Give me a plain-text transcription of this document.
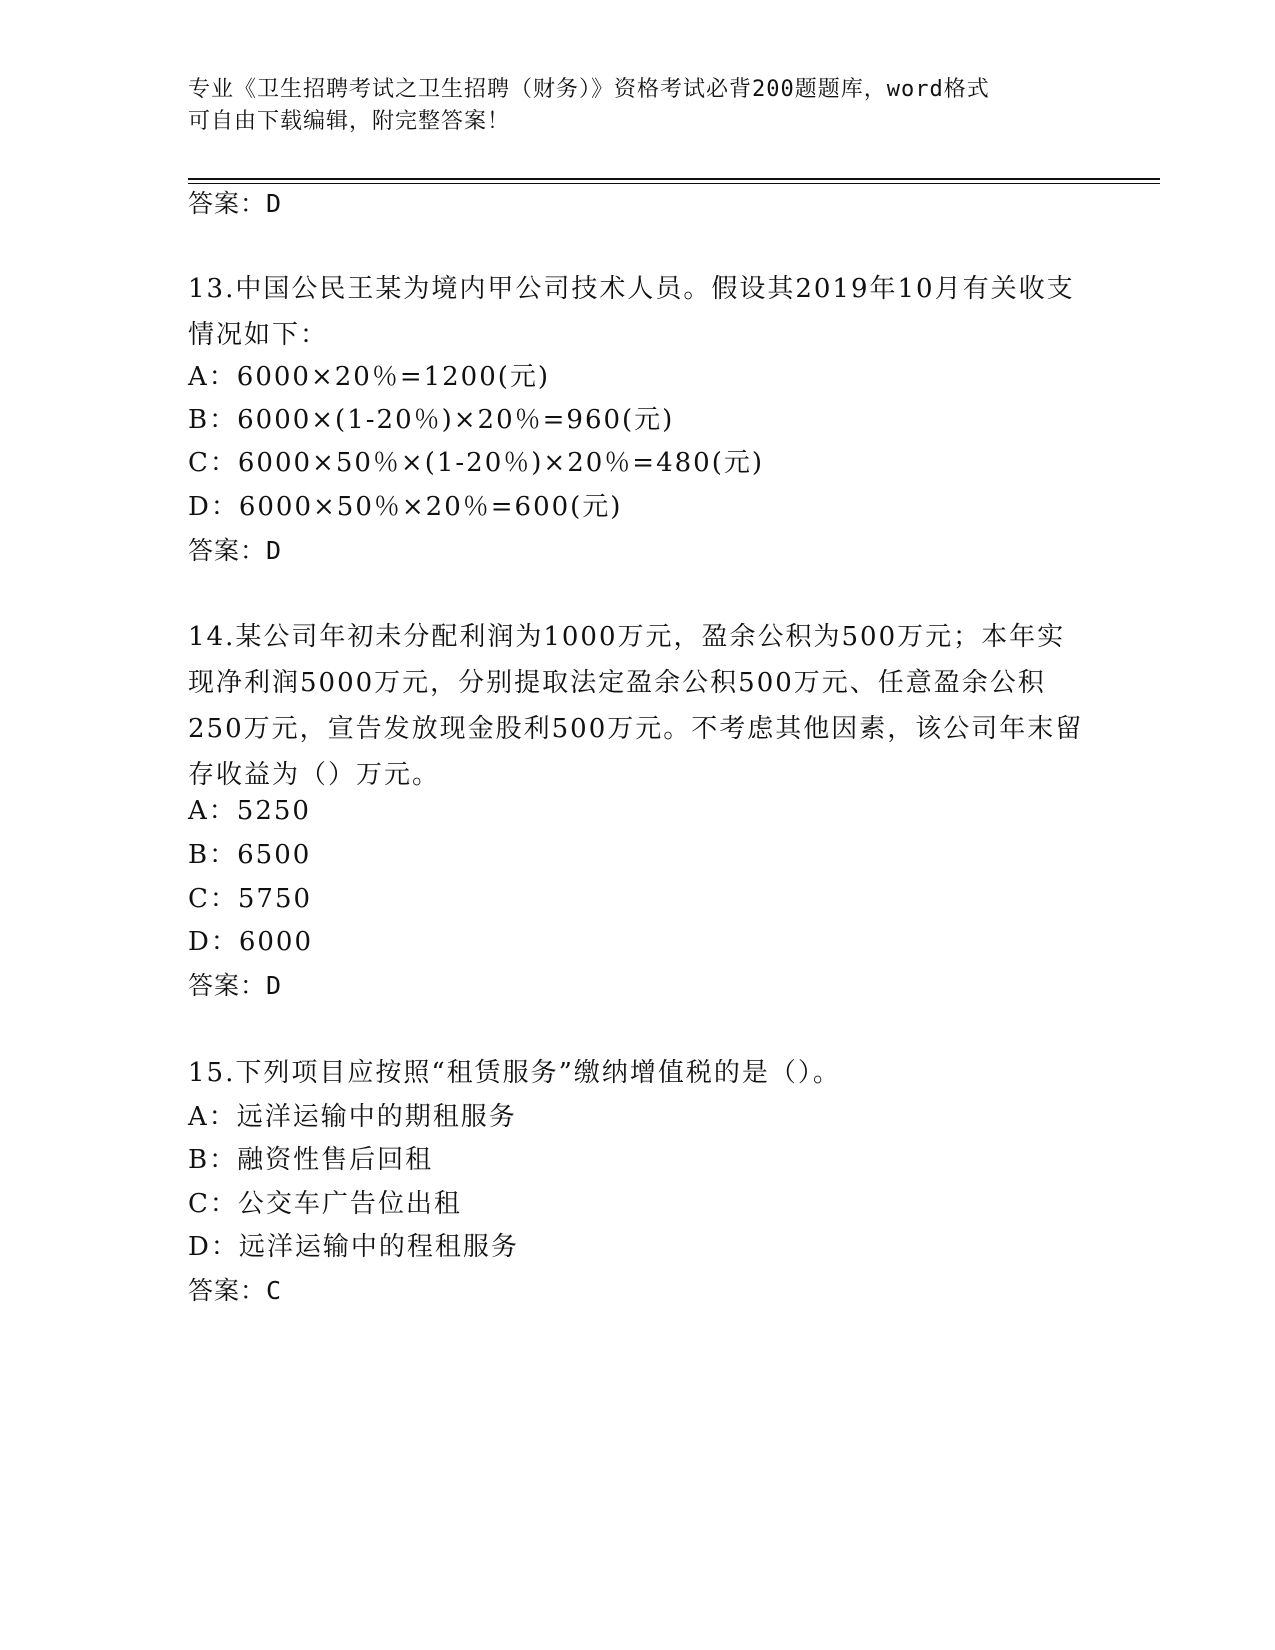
专业《卫生招聘考试之卫生招聘（财务）》资格考试必背200题题库，word格式
可自由下载编辑，附完整答案！
答案：D
13.中国公民王某为境内甲公司技术人员。假设其2019年10月有关收支情况如下：
A：6000×20％=1200(元)
B：6000×(1-20％)×20％=960(元)
C：6000×50％×(1-20％)×20％=480(元)
D：6000×50％×20％=600(元)
答案：D
14.某公司年初未分配利润为1000万元，盈余公积为500万元；本年实现净利润5000万元，分别提取法定盈余公积500万元、任意盈余公积250万元，宣告发放现金股利500万元。不考虑其他因素，该公司年末留存收益为（）万元。
A：5250
B：6500
C：5750
D：6000
答案：D
15.下列项目应按照“租赁服务”缴纳增值税的是（）。
A：远洋运输中的期租服务
B：融资性售后回租
C：公交车广告位出租
D：远洋运输中的程租服务
答案：C
